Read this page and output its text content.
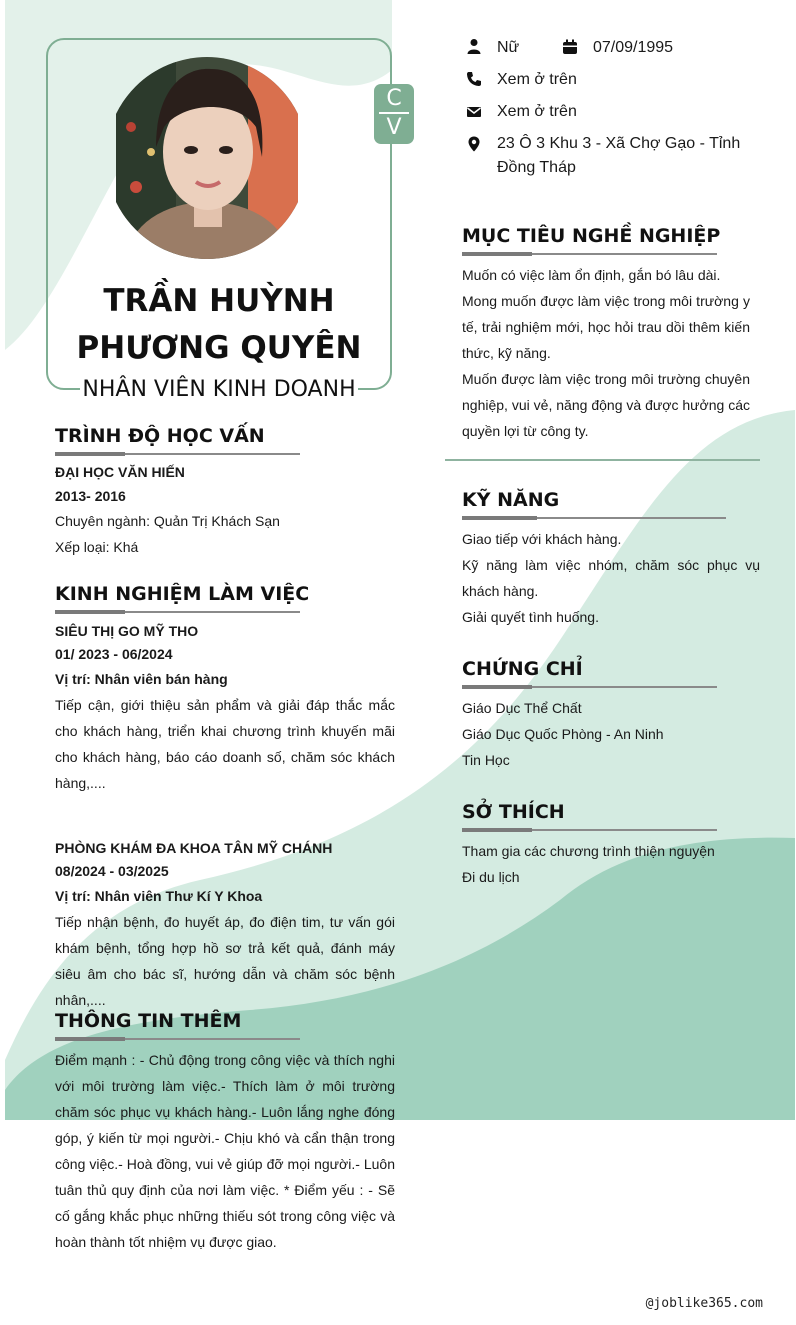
C
V
TRẦN HUỲNH
PHƯƠNG QUYÊN
NHÂN VIÊN KINH DOANH
Nữ	07/09/1995
Xem ở trên
Xem ở trên
23 Ô 3 Khu 3 - Xã Chợ Gạo - Tỉnh Đồng Tháp
TRÌNH ĐỘ HỌC VẤN
ĐẠI HỌC VĂN HIẾN
2013- 2016
Chuyên ngành: Quản Trị Khách Sạn
Xếp loại: Khá
KINH NGHIỆM LÀM VIỆC
SIÊU THỊ GO MỸ THO
01/ 2023 - 06/2024
Vị trí: Nhân viên bán hàng
Tiếp cận, giới thiệu sản phẩm và giải đáp thắc mắc cho khách hàng, triển khai chương trình khuyến mãi cho khách hàng, báo cáo doanh số, chăm sóc khách hàng,....
PHÒNG KHÁM ĐA KHOA TÂN MỸ CHÁNH
08/2024 - 03/2025
Vị trí: Nhân viên Thư Kí Y Khoa
Tiếp nhận bệnh, đo huyết áp, đo điện tim, tư vấn gói khám bệnh, tổng hợp hồ sơ trả kết quả, đánh máy siêu âm cho bác sĩ, hướng dẫn và chăm sóc bệnh nhân,....
THÔNG TIN THÊM
Điểm mạnh : - Chủ động trong công việc và thích nghi với môi trường làm việc.- Thích làm ở môi trường chăm sóc phục vụ khách hàng.- Luôn lắng nghe đóng góp, ý kiến từ mọi người.- Chịu khó và cẩn thận trong công việc.- Hoà đồng, vui vẻ giúp đỡ mọi người.- Luôn tuân thủ quy định của nơi làm việc. * Điểm yếu : - Sẽ cố gắng khắc phục những thiếu sót trong công việc và hoàn thành tốt nhiệm vụ được giao.
MỤC TIÊU NGHỀ NGHIỆP
Muốn có việc làm ổn định, gắn bó lâu dài.
Mong muốn được làm việc trong môi trường y tế, trải nghiệm mới, học hỏi trau dồi thêm kiến thức, kỹ năng.
Muốn được làm việc trong môi trường chuyên nghiệp, vui vẻ, năng động và được hưởng các quyền lợi từ công ty.
KỸ NĂNG
Giao tiếp với khách hàng.
Kỹ năng làm việc nhóm, chăm sóc phục vụ khách hàng.
Giải quyết tình huống.
CHỨNG CHỈ
Giáo Dục Thể Chất
Giáo Dục Quốc Phòng - An Ninh
Tin Học
SỞ THÍCH
Tham gia các chương trình thiện nguyện
Đi du lịch
@joblike365.com
